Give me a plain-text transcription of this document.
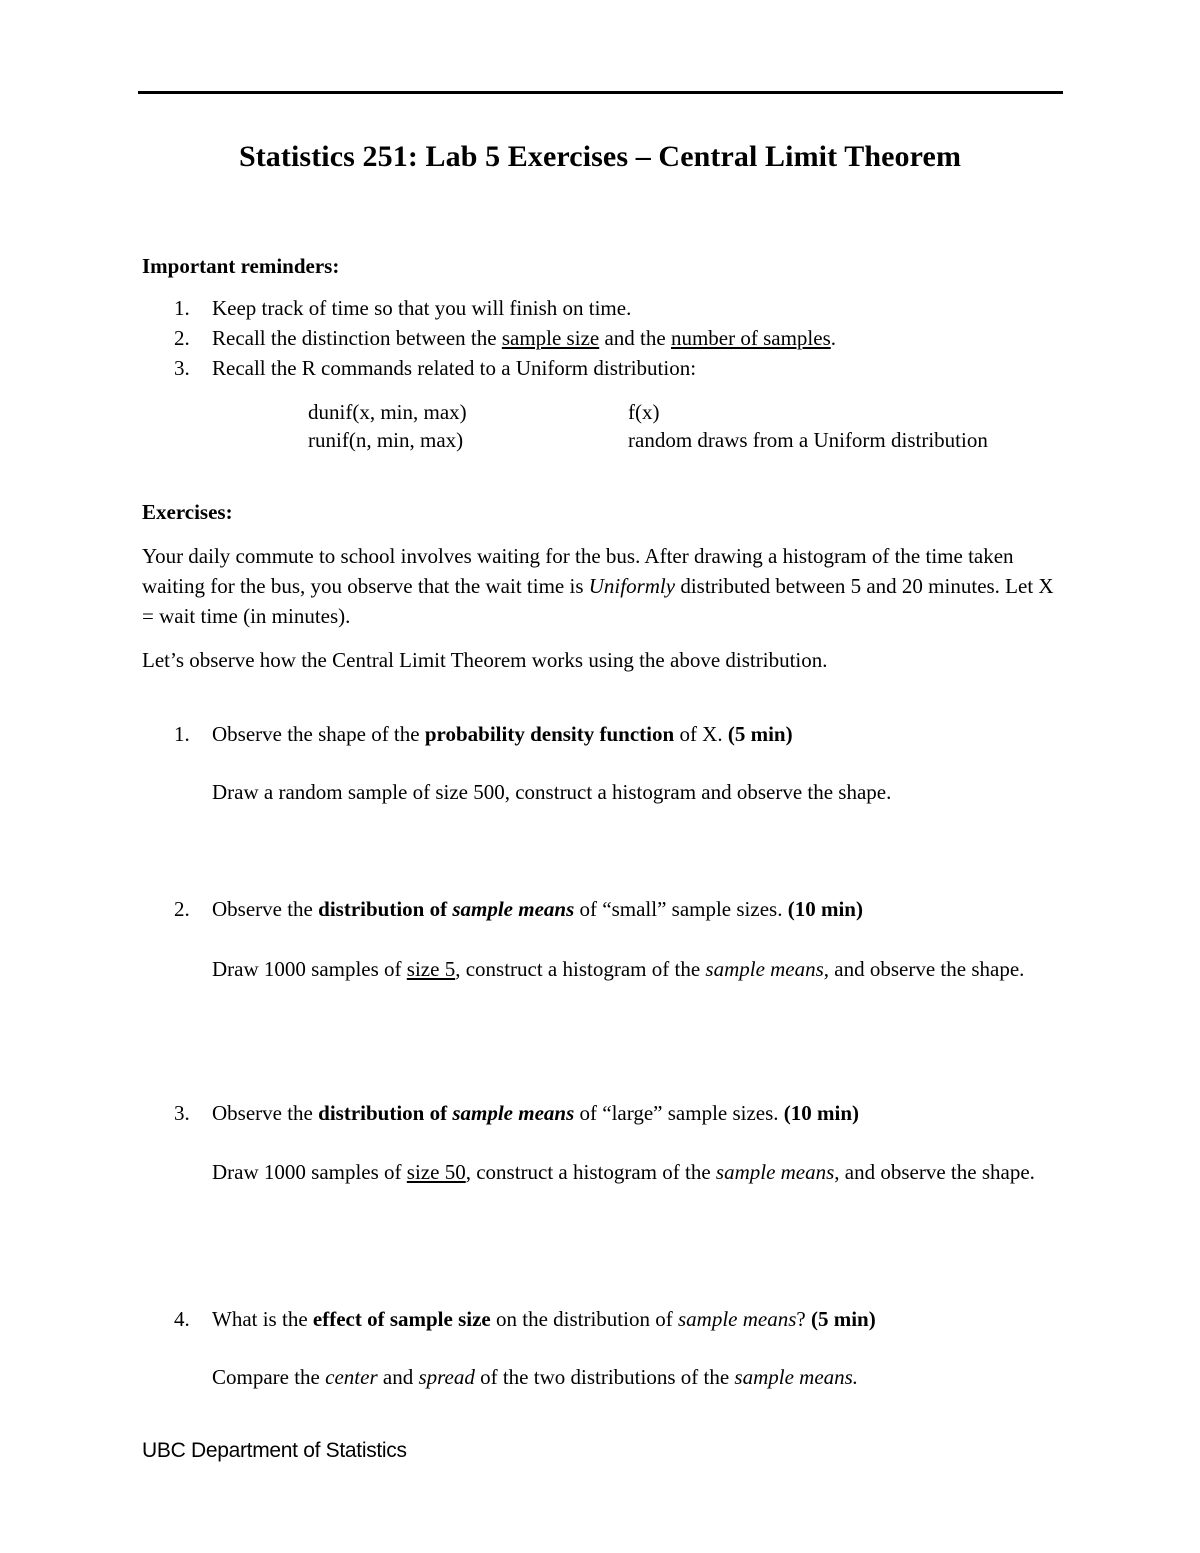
Statistics 251: Lab 5 Exercises – Central Limit Theorem
Important reminders:
1. Keep track of time so that you will finish on time.
2. Recall the distinction between the sample size and the number of samples.
3. Recall the R commands related to a Uniform distribution:
dunif(x, min, max)	f(x)
runif(n, min, max)	random draws from a Uniform distribution
Exercises:
Your daily commute to school involves waiting for the bus. After drawing a histogram of the time taken waiting for the bus, you observe that the wait time is Uniformly distributed between 5 and 20 minutes. Let X = wait time (in minutes).
Let’s observe how the Central Limit Theorem works using the above distribution.
1. Observe the shape of the probability density function of X. (5 min)
Draw a random sample of size 500, construct a histogram and observe the shape.
2. Observe the distribution of sample means of “small” sample sizes. (10 min)
Draw 1000 samples of size 5, construct a histogram of the sample means, and observe the shape.
3. Observe the distribution of sample means of “large” sample sizes. (10 min)
Draw 1000 samples of size 50, construct a histogram of the sample means, and observe the shape.
4. What is the effect of sample size on the distribution of sample means? (5 min)
Compare the center and spread of the two distributions of the sample means.
UBC Department of Statistics
